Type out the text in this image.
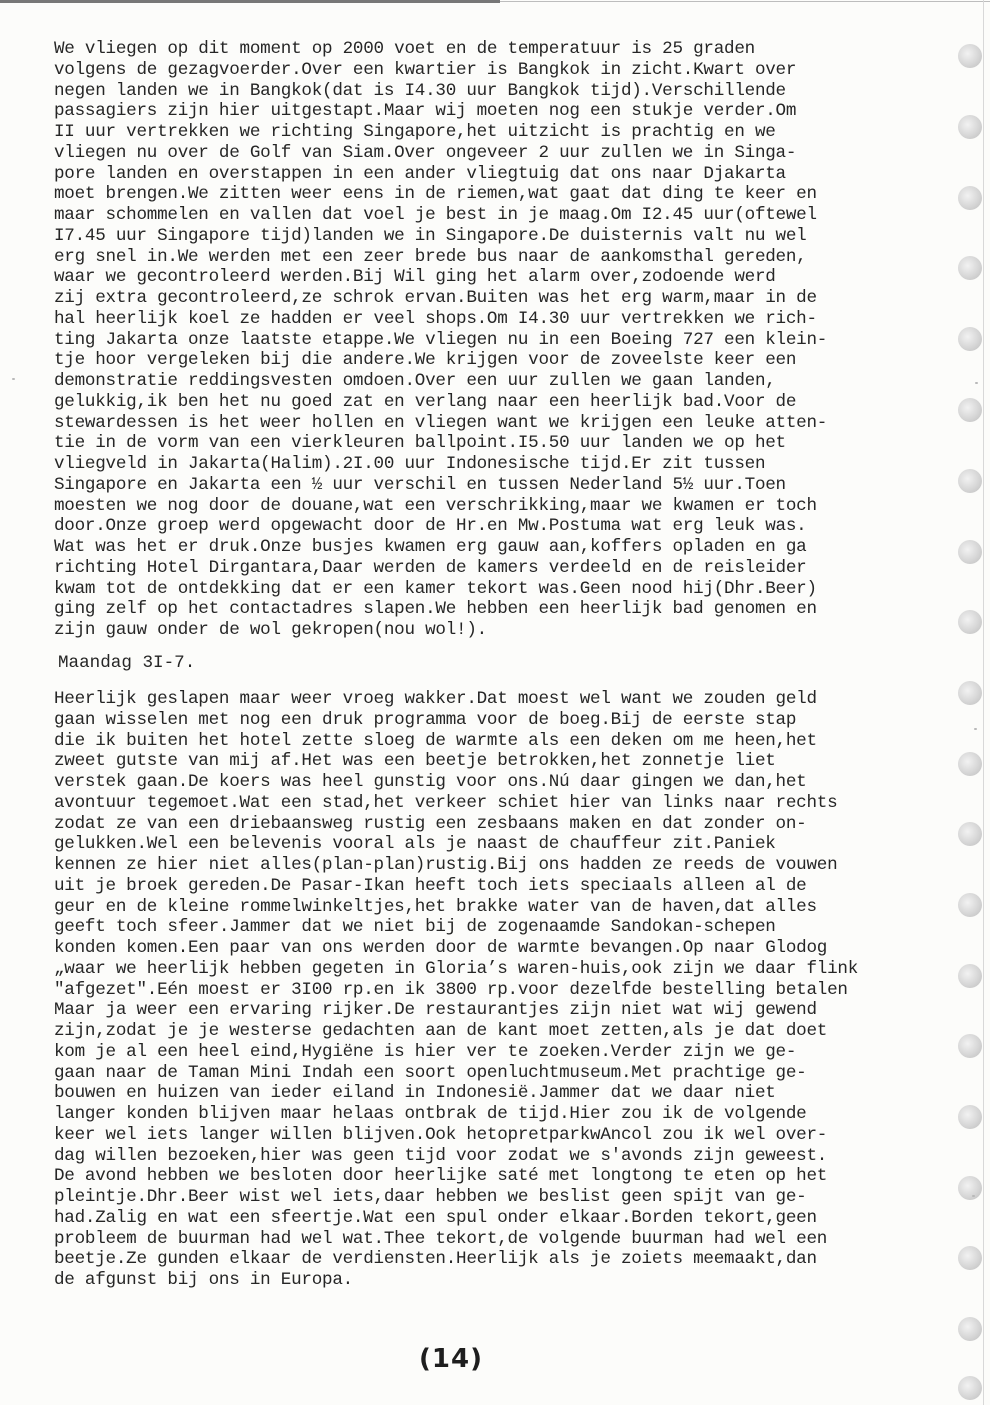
We vliegen op dit moment op 2000 voet en de temperatuur is 25 graden
volgens de gezagvoerder.Over een kwartier is Bangkok in zicht.Kwart over
negen landen we in Bangkok(dat is I4.30 uur Bangkok tijd).Verschillende
passagiers zijn hier uitgestapt.Maar wij moeten nog een stukje verder.Om
II uur vertrekken we richting Singapore,het uitzicht is prachtig en we
vliegen nu over de Golf van Siam.Over ongeveer 2 uur zullen we in Singa-
pore landen en overstappen in een ander vliegtuig dat ons naar Djakarta
moet brengen.We zitten weer eens in de riemen,wat gaat dat ding te keer en
maar schommelen en vallen dat voel je best in je maag.Om I2.45 uur(oftewel
I7.45 uur Singapore tijd)landen we in Singapore.De duisternis valt nu wel
erg snel in.We werden met een zeer brede bus naar de aankomsthal gereden,
waar we gecontroleerd werden.Bij Wil ging het alarm over,zodoende werd
zij extra gecontroleerd,ze schrok ervan.Buiten was het erg warm,maar in de
hal heerlijk koel ze hadden er veel shops.Om I4.30 uur vertrekken we rich-
ting Jakarta onze laatste etappe.We vliegen nu in een Boeing 727 een klein-
tje hoor vergeleken bij die andere.We krijgen voor de zoveelste keer een
demonstratie reddingsvesten omdoen.Over een uur zullen we gaan landen,
gelukkig,ik ben het nu goed zat en verlang naar een heerlijk bad.Voor de
stewardessen is het weer hollen en vliegen want we krijgen een leuke atten-
tie in de vorm van een vierkleuren ballpoint.I5.50 uur landen we op het
vliegveld in Jakarta(Halim).2I.00 uur Indonesische tijd.Er zit tussen
Singapore en Jakarta een ½ uur verschil en tussen Nederland 5½ uur.Toen
moesten we nog door de douane,wat een verschrikking,maar we kwamen er toch
door.Onze groep werd opgewacht door de Hr.en Mw.Postuma wat erg leuk was.
Wat was het er druk.Onze busjes kwamen erg gauw aan,koffers opladen en ga
richting Hotel Dirgantara,Daar werden de kamers verdeeld en de reisleider
kwam tot de ontdekking dat er een kamer tekort was.Geen nood hij(Dhr.Beer)
ging zelf op het contactadres slapen.We hebben een heerlijk bad genomen en
zijn gauw onder de wol gekropen(nou wol!).
Maandag 3I-7.
Heerlijk geslapen maar weer vroeg wakker.Dat moest wel want we zouden geld
gaan wisselen met nog een druk programma voor de boeg.Bij de eerste stap
die ik buiten het hotel zette sloeg de warmte als een deken om me heen,het
zweet gutste van mij af.Het was een beetje betrokken,het zonnetje liet
verstek gaan.De koers was heel gunstig voor ons.Nú daar gingen we dan,het
avontuur tegemoet.Wat een stad,het verkeer schiet hier van links naar rechts
zodat ze van een driebaansweg rustig een zesbaans maken en dat zonder on-
gelukken.Wel een belevenis vooral als je naast de chauffeur zit.Paniek
kennen ze hier niet alles(plan-plan)rustig.Bij ons hadden ze reeds de vouwen
uit je broek gereden.De Pasar-Ikan heeft toch iets speciaals alleen al de
geur en de kleine rommelwinkeltjes,het brakke water van de haven,dat alles
geeft toch sfeer.Jammer dat we niet bij de zogenaamde Sandokan-schepen
konden komen.Een paar van ons werden door de warmte bevangen.Op naar Glodog
„waar we heerlijk hebben gegeten in Gloria’s waren-huis,ook zijn we daar flink
"afgezet".Eén moest er 3I00 rp.en ik 3800 rp.voor dezelfde bestelling betalen
Maar ja weer een ervaring rijker.De restaurantjes zijn niet wat wij gewend
zijn,zodat je je westerse gedachten aan de kant moet zetten,als je dat doet
kom je al een heel eind,Hygiëne is hier ver te zoeken.Verder zijn we ge-
gaan naar de Taman Mini Indah een soort openluchtmuseum.Met prachtige ge-
bouwen en huizen van ieder eiland in Indonesië.Jammer dat we daar niet
langer konden blijven maar helaas ontbrak de tijd.Hier zou ik de volgende
keer wel iets langer willen blijven.Ook hetopretparkwAncol zou ik wel over-
dag willen bezoeken,hier was geen tijd voor zodat we s'avonds zijn geweest.
De avond hebben we besloten door heerlijke saté met longtong te eten op het
pleintje.Dhr.Beer wist wel iets,daar hebben we beslist geen spijt van ge-
had.Zalig en wat een sfeertje.Wat een spul onder elkaar.Borden tekort,geen
probleem de buurman had wel wat.Thee tekort,de volgende buurman had wel een
beetje.Ze gunden elkaar de verdiensten.Heerlijk als je zoiets meemaakt,dan
de afgunst bij ons in Europa.
(14)
